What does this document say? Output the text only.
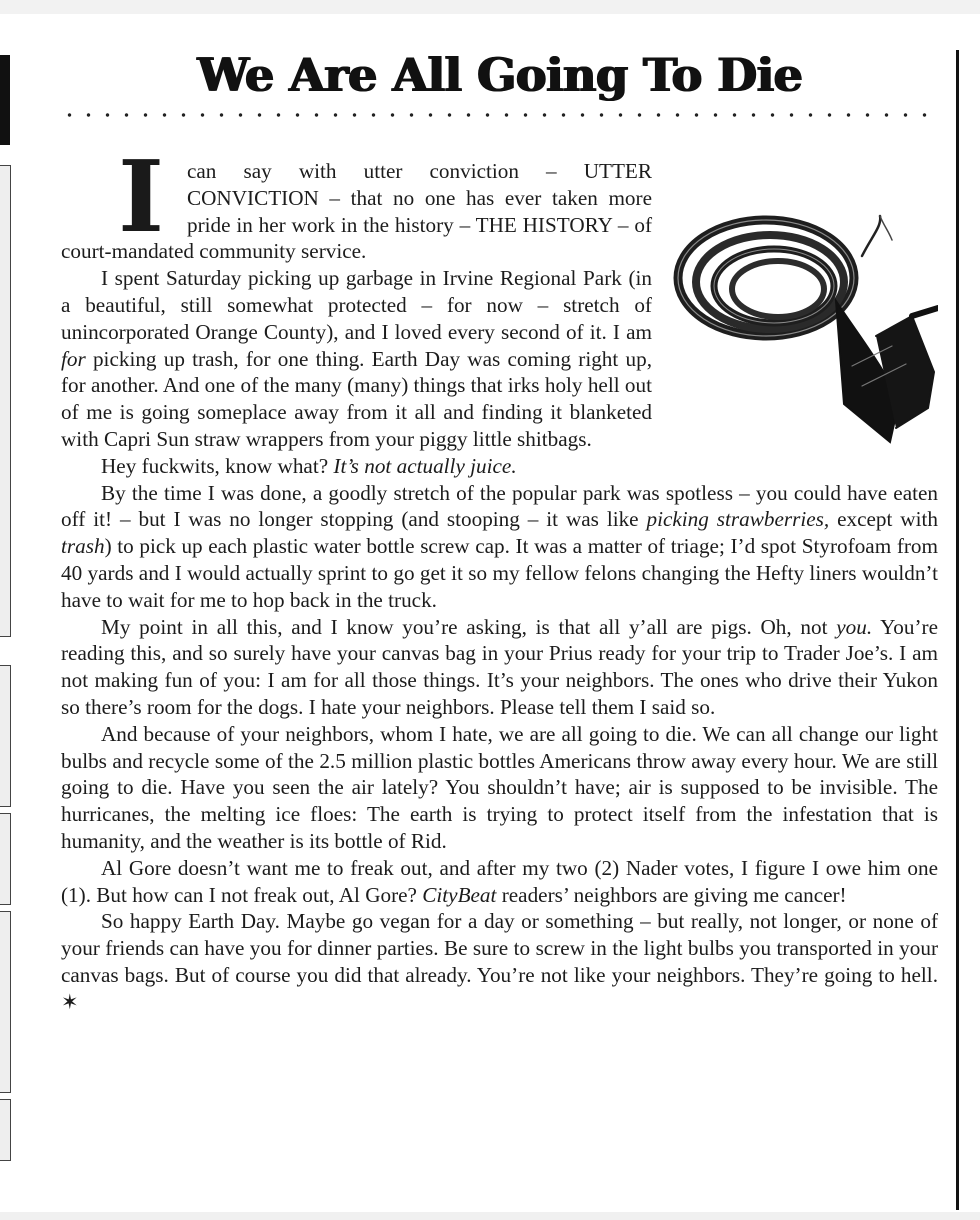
We Are All Going To Die

I	can say with utter conviction – UTTER CONVICTION – that no one has ever taken more pride in her work in the history – THE HISTORY – of court-mandated community service.

I spent Saturday picking up garbage in Irvine Regional Park (in a beautiful, still somewhat protected – for now – stretch of unincorporated Orange County), and I loved every second of it. I am for picking up trash, for one thing. Earth Day was coming right up, for another. And one of the many (many) things that irks holy hell out of me is going someplace away from it all and finding it blanketed with Capri Sun straw wrappers from your piggy little shitbags.

Hey fuckwits, know what? It’s not actually juice.

By the time I was done, a goodly stretch of the popular park was spotless – you could have eaten off it! – but I was no longer stopping (and stooping – it was like picking strawberries, except with trash) to pick up each plastic water bottle screw cap. It was a matter of triage; I’d spot Styrofoam from 40 yards and I would actually sprint to go get it so my fellow felons changing the Hefty liners wouldn’t have to wait for me to hop back in the truck.

My point in all this, and I know you’re asking, is that all y’all are pigs. Oh, not you. You’re reading this, and so surely have your canvas bag in your Prius ready for your trip to Trader Joe’s. I am not making fun of you: I am for all those things. It’s your neighbors. The ones who drive their Yukon so there’s room for the dogs. I hate your neighbors. Please tell them I said so.

And because of your neighbors, whom I hate, we are all going to die. We can all change our light bulbs and recycle some of the 2.5 million plastic bottles Americans throw away every hour. We are still going to die. Have you seen the air lately? You shouldn’t have; air is supposed to be invisible. The hurricanes, the melting ice floes: The earth is trying to protect itself from the infestation that is humanity, and the weather is its bottle of Rid.

Al Gore doesn’t want me to freak out, and after my two (2) Nader votes, I figure I owe him one (1). But how can I not freak out, Al Gore? CityBeat readers’ neighbors are giving me cancer!

So happy Earth Day. Maybe go vegan for a day or something – but really, not longer, or none of your friends can have you for dinner parties. Be sure to screw in the light bulbs you transported in your canvas bags. But of course you did that already. You’re not like your neighbors. They’re going to hell. ✶
